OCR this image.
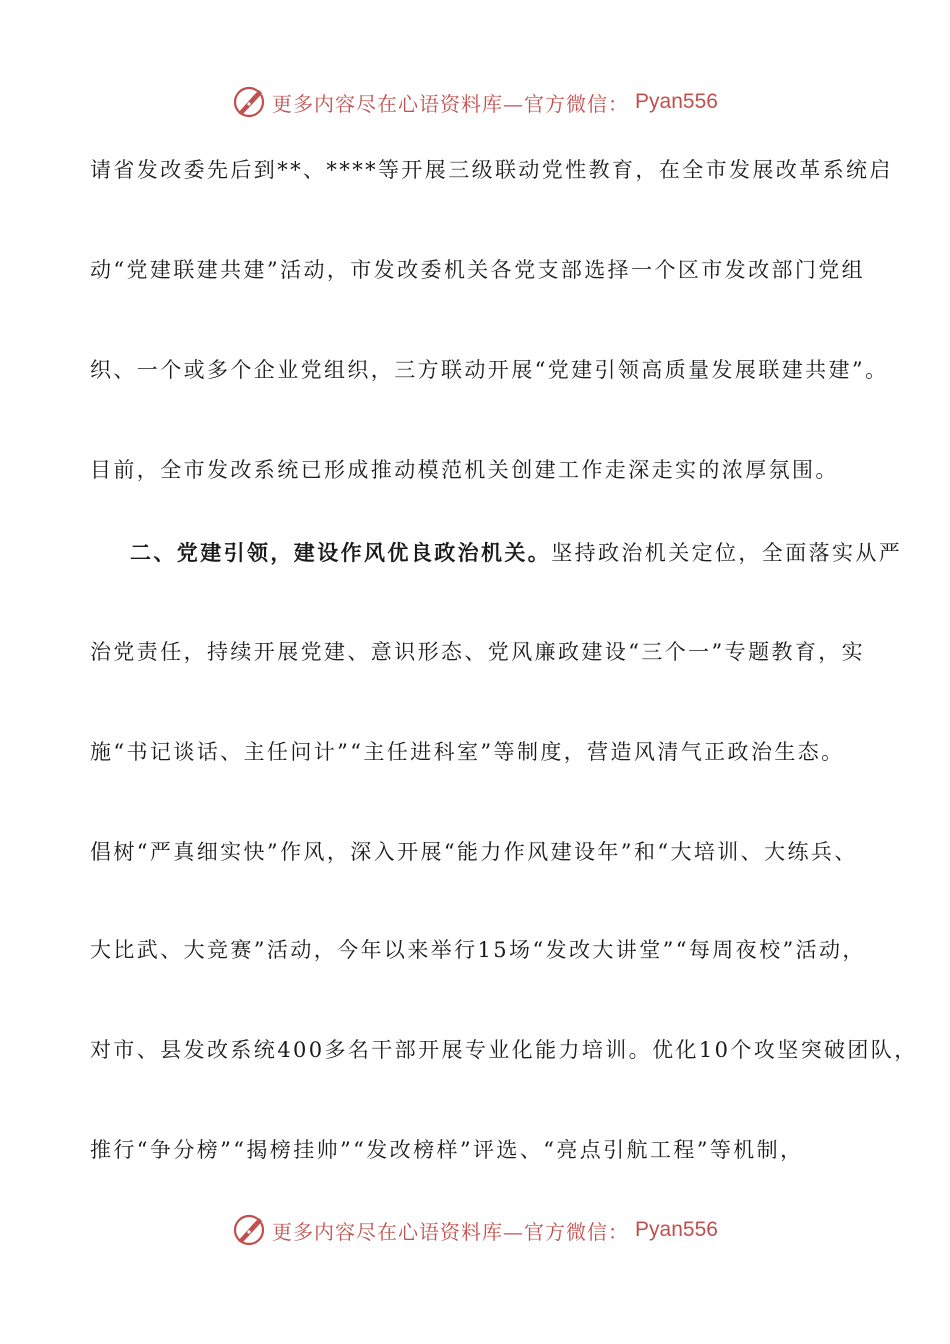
更多内容尽在心语资料库—官方微信： Pyan556
请省发改委先后到**、****等开展三级联动党性教育，在全市发展改革系统启
动“党建联建共建”活动，市发改委机关各党支部选择一个区市发改部门党组
织、一个或多个企业党组织，三方联动开展“党建引领高质量发展联建共建”。
目前，全市发改系统已形成推动模范机关创建工作走深走实的浓厚氛围。
二、党建引领，建设作风优良政治机关。坚持政治机关定位，全面落实从严
治党责任，持续开展党建、意识形态、党风廉政建设“三个一”专题教育，实
施“书记谈话、主任问计”“主任进科室”等制度，营造风清气正政治生态。
倡树“严真细实快”作风，深入开展“能力作风建设年”和“大培训、大练兵、
大比武、大竞赛”活动，今年以来举行15场“发改大讲堂”“每周夜校”活动，
对市、县发改系统400多名干部开展专业化能力培训。优化10个攻坚突破团队，
推行“争分榜”“揭榜挂帅”“发改榜样”评选、“亮点引航工程”等机制，
更多内容尽在心语资料库—官方微信： Pyan556
